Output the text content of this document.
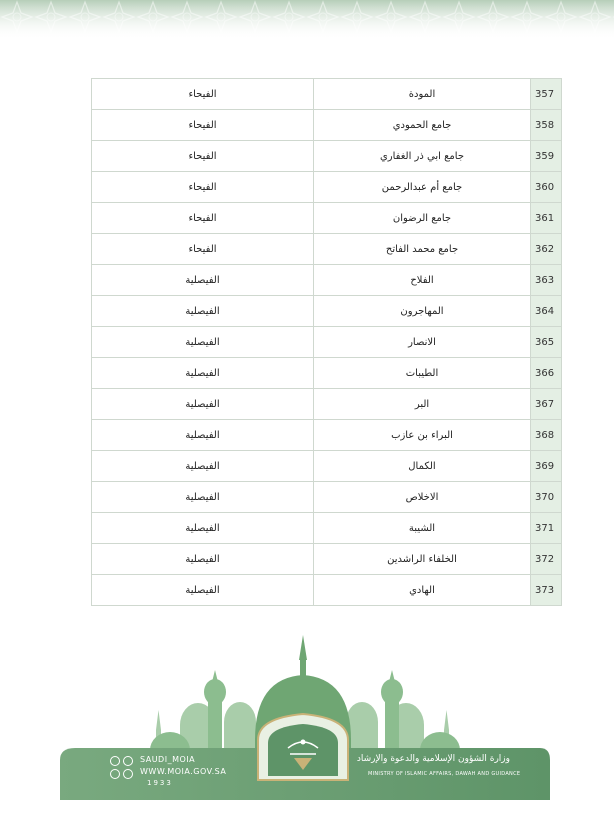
357	المودة	الفيحاء
358	جامع الحمودي	الفيحاء
359	جامع ابي ذر الغفاري	الفيحاء
360	جامع أم عبدالرحمن	الفيحاء
361	جامع الرضوان	الفيحاء
362	جامع محمد الفاتح	الفيحاء
363	الفلاح	الفيصلية
364	المهاجرون	الفيصلية
365	الانصار	الفيصلية
366	الطيبات	الفيصلية
367	البر	الفيصلية
368	البراء بن عازب	الفيصلية
369	الكمال	الفيصلية
370	الاخلاص	الفيصلية
371	الشيبة	الفيصلية
372	الخلفاء الراشدين	الفيصلية
373	الهادي	الفيصلية
SAUDI_MOIA
WWW.MOIA.GOV.SA
1933
وزارة الشؤون الإسلامية والدعوة والإرشاد
MINISTRY OF ISLAMIC AFFAIRS, DAWAH AND GUIDANCE
